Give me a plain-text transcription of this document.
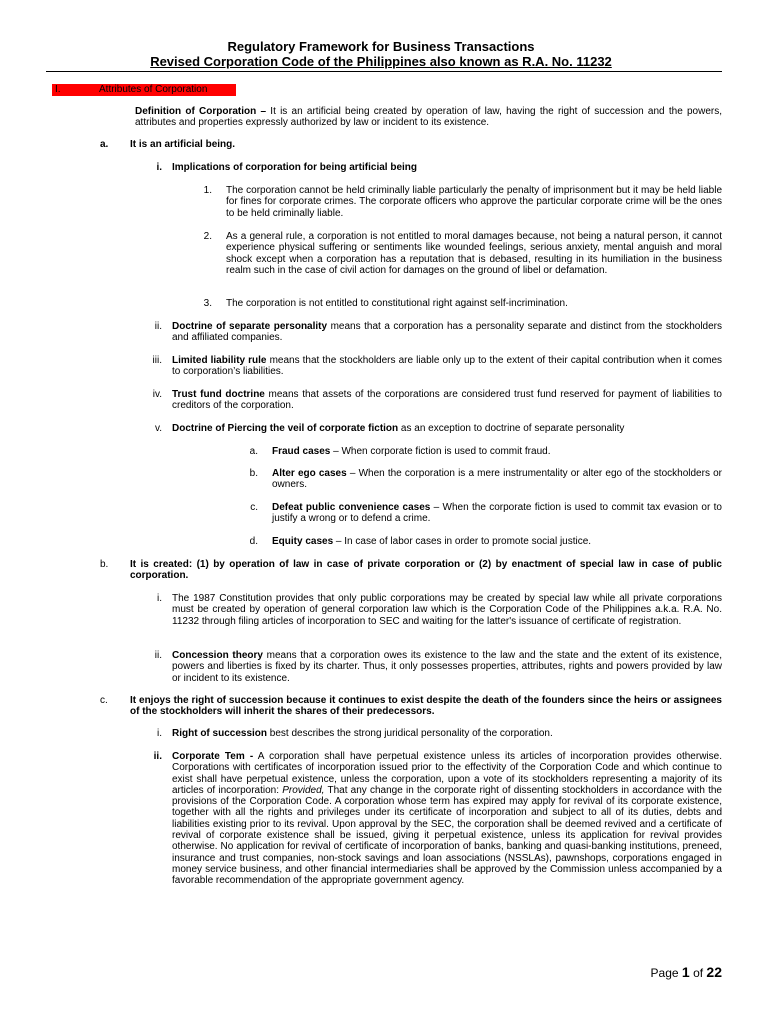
Regulatory Framework for Business Transactions
Revised Corporation Code of the Philippines also known as R.A. No. 11232
I.	Attributes of Corporation
Definition of Corporation – It is an artificial being created by operation of law, having the right of succession and the powers, attributes and properties expressly authorized by law or incident to its existence.
a.	It is an artificial being.
i. Implications of corporation for being artificial being
1. The corporation cannot be held criminally liable particularly the penalty of imprisonment but it may be held liable for fines for corporate crimes. The corporate officers who approve the particular corporate crime will be the ones to be held criminally liable.
2. As a general rule, a corporation is not entitled to moral damages because, not being a natural person, it cannot experience physical suffering or sentiments like wounded feelings, serious anxiety, mental anguish and moral shock except when a corporation has a reputation that is debased, resulting in its humiliation in the business realm such in the case of civil action for damages on the ground of libel or defamation.
3. The corporation is not entitled to constitutional right against self-incrimination.
ii. Doctrine of separate personality means that a corporation has a personality separate and distinct from the stockholders and affiliated companies.
iii. Limited liability rule means that the stockholders are liable only up to the extent of their capital contribution when it comes to corporation’s liabilities.
iv. Trust fund doctrine means that assets of the corporations are considered trust fund reserved for payment of liabilities to creditors of the corporation.
v. Doctrine of Piercing the veil of corporate fiction as an exception to doctrine of separate personality
a. Fraud cases – When corporate fiction is used to commit fraud.
b. Alter ego cases – When the corporation is a mere instrumentality or alter ego of the stockholders or owners.
c. Defeat public convenience cases – When the corporate fiction is used to commit tax evasion or to justify a wrong or to defend a crime.
d. Equity cases – In case of labor cases in order to promote social justice.
b.	It is created: (1) by operation of law in case of private corporation or (2) by enactment of special law in case of public corporation.
i. The 1987 Constitution provides that only public corporations may be created by special law while all private corporations must be created by operation of general corporation law which is the Corporation Code of the Philippines a.k.a. R.A. No. 11232 through filing articles of incorporation to SEC and waiting for the latter's issuance of certificate of registration.
ii. Concession theory means that a corporation owes its existence to the law and the state and the extent of its existence, powers and liberties is fixed by its charter. Thus, it only possesses properties, attributes, rights and powers provided by law or incident to its existence.
c.	It enjoys the right of succession because it continues to exist despite the death of the founders since the heirs or assignees of the stockholders will inherit the shares of their predecessors.
i. Right of succession best describes the strong juridical personality of the corporation.
ii. Corporate Tem - A corporation shall have perpetual existence unless its articles of incorporation provides otherwise. Corporations with certificates of incorporation issued prior to the effectivity of the Corporation Code and which continue to exist shall have perpetual existence, unless the corporation, upon a vote of its stockholders representing a majority of its articles of incorporation: Provided, That any change in the corporate right of dissenting stockholders in accordance with the provisions of the Corporation Code. A corporation whose term has expired may apply for revival of its corporate existence, together with all the rights and privileges under its certificate of incorporation and subject to all of its duties, debts and liabilities existing prior to its revival. Upon approval by the SEC, the corporation shall be deemed revived and a certificate of revival of corporate existence shall be issued, giving it perpetual existence, unless its application for revival provides otherwise. No application for revival of certificate of incorporation of banks, banking and quasi-banking institutions, preneed, insurance and trust companies, non-stock savings and loan associations (NSSLAs), pawnshops, corporations engaged in money service business, and other financial intermediaries shall be approved by the Commission unless accompanied by a favorable recommendation of the appropriate government agency.
Page 1 of 22
